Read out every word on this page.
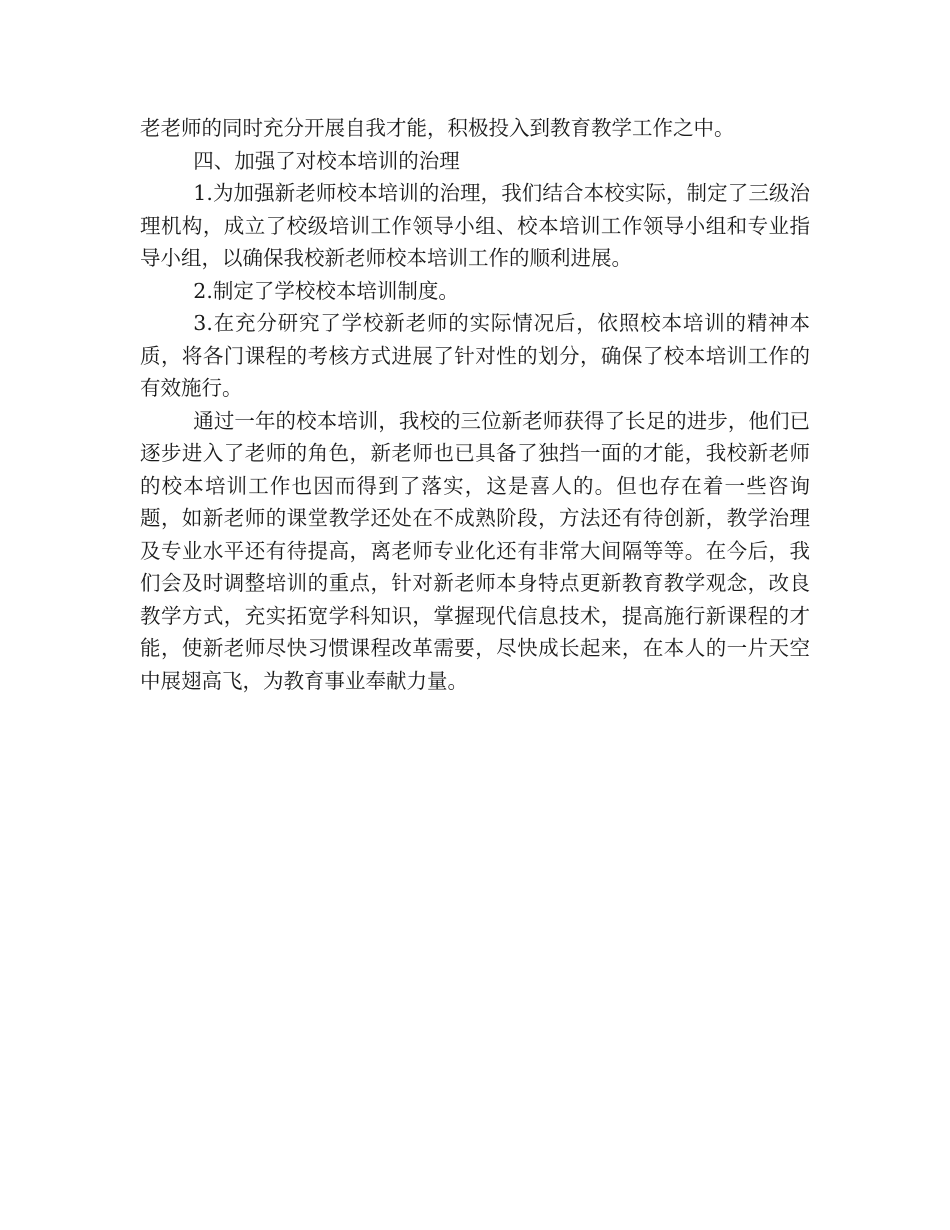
老老师的同时充分开展自我才能，积极投入到教育教学工作之中。

四、加强了对校本培训的治理

1.为加强新老师校本培训的治理，我们结合本校实际，制定了三级治理机构，成立了校级培训工作领导小组、校本培训工作领导小组和专业指导小组，以确保我校新老师校本培训工作的顺利进展。

2.制定了学校校本培训制度。

3.在充分研究了学校新老师的实际情况后，依照校本培训的精神本质，将各门课程的考核方式进展了针对性的划分，确保了校本培训工作的有效施行。

通过一年的校本培训，我校的三位新老师获得了长足的进步，他们已逐步进入了老师的角色，新老师也已具备了独挡一面的才能，我校新老师的校本培训工作也因而得到了落实，这是喜人的。但也存在着一些咨询题，如新老师的课堂教学还处在不成熟阶段，方法还有待创新，教学治理及专业水平还有待提高，离老师专业化还有非常大间隔等等。在今后，我们会及时调整培训的重点，针对新老师本身特点更新教育教学观念，改良教学方式，充实拓宽学科知识，掌握现代信息技术，提高施行新课程的才能，使新老师尽快习惯课程改革需要，尽快成长起来，在本人的一片天空中展翅高飞，为教育事业奉献力量。
